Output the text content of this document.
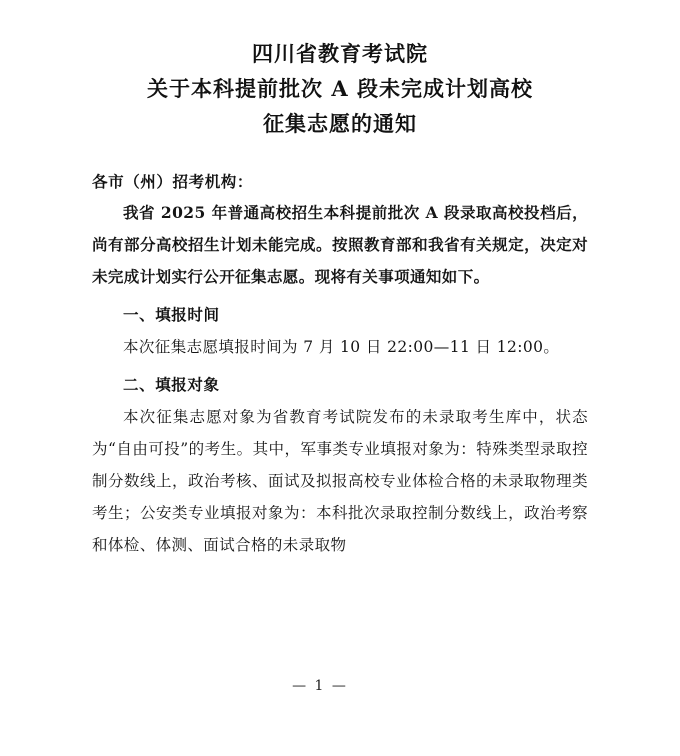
四川省教育考试院
关于本科提前批次 A 段未完成计划高校
征集志愿的通知
各市（州）招考机构：

我省 2025 年普通高校招生本科提前批次 A 段录取高校投档后，尚有部分高校招生计划未能完成。按照教育部和我省有关规定，决定对未完成计划实行公开征集志愿。现将有关事项通知如下。

一、填报时间

本次征集志愿填报时间为 7 月 10 日 22:00—11 日 12:00。

二、填报对象

本次征集志愿对象为省教育考试院发布的未录取考生库中，状态为“自由可投”的考生。其中，军事类专业填报对象为：特殊类型录取控制分数线上，政治考核、面试及拟报高校专业体检合格的未录取物理类考生；公安类专业填报对象为：本科批次录取控制分数线上，政治考察和体检、体测、面试合格的未录取物

— 1 —
